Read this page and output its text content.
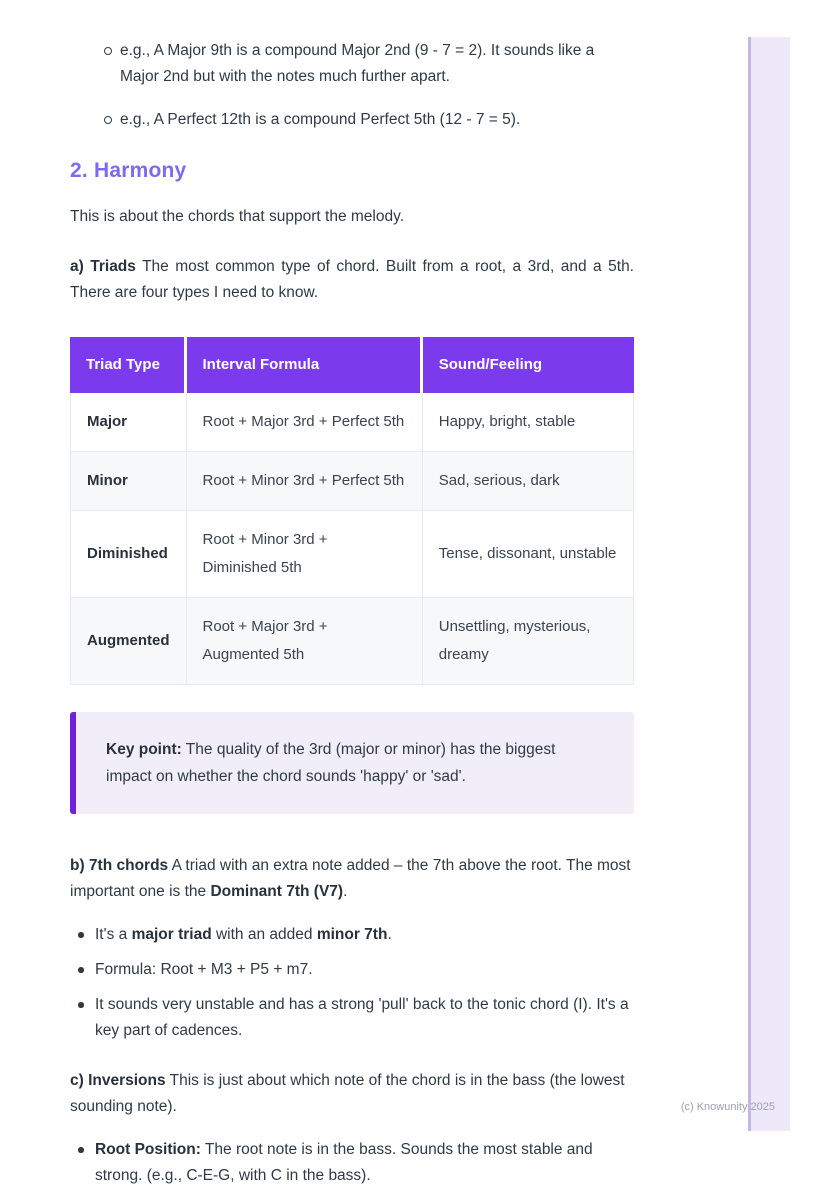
e.g., A Major 9th is a compound Major 2nd (9 - 7 = 2). It sounds like a Major 2nd but with the notes much further apart.
e.g., A Perfect 12th is a compound Perfect 5th (12 - 7 = 5).
2. Harmony

This is about the chords that support the melody.

a) Triads The most common type of chord. Built from a root, a 3rd, and a 5th. There are four types I need to know.

Triad Type	Interval Formula	Sound/Feeling
Major	Root + Major 3rd + Perfect 5th	Happy, bright, stable
Minor	Root + Minor 3rd + Perfect 5th	Sad, serious, dark
Diminished	Root + Minor 3rd + Diminished 5th	Tense, dissonant, unstable
Augmented	Root + Major 3rd + Augmented 5th	Unsettling, mysterious, dreamy
Key point: The quality of the 3rd (major or minor) has the biggest impact on whether the chord sounds 'happy' or 'sad'.

b) 7th chords A triad with an extra note added – the 7th above the root. The most important one is the Dominant 7th (V7).

It's a major triad with an added minor 7th.
Formula: Root + M3 + P5 + m7.
It sounds very unstable and has a strong 'pull' back to the tonic chord (I). It's a key part of cadences.

c) Inversions This is just about which note of the chord is in the bass (the lowest sounding note).

Root Position: The root note is in the bass. Sounds the most stable and strong. (e.g., C-E-G, with C in the bass).
(c) Knowunity 2025
